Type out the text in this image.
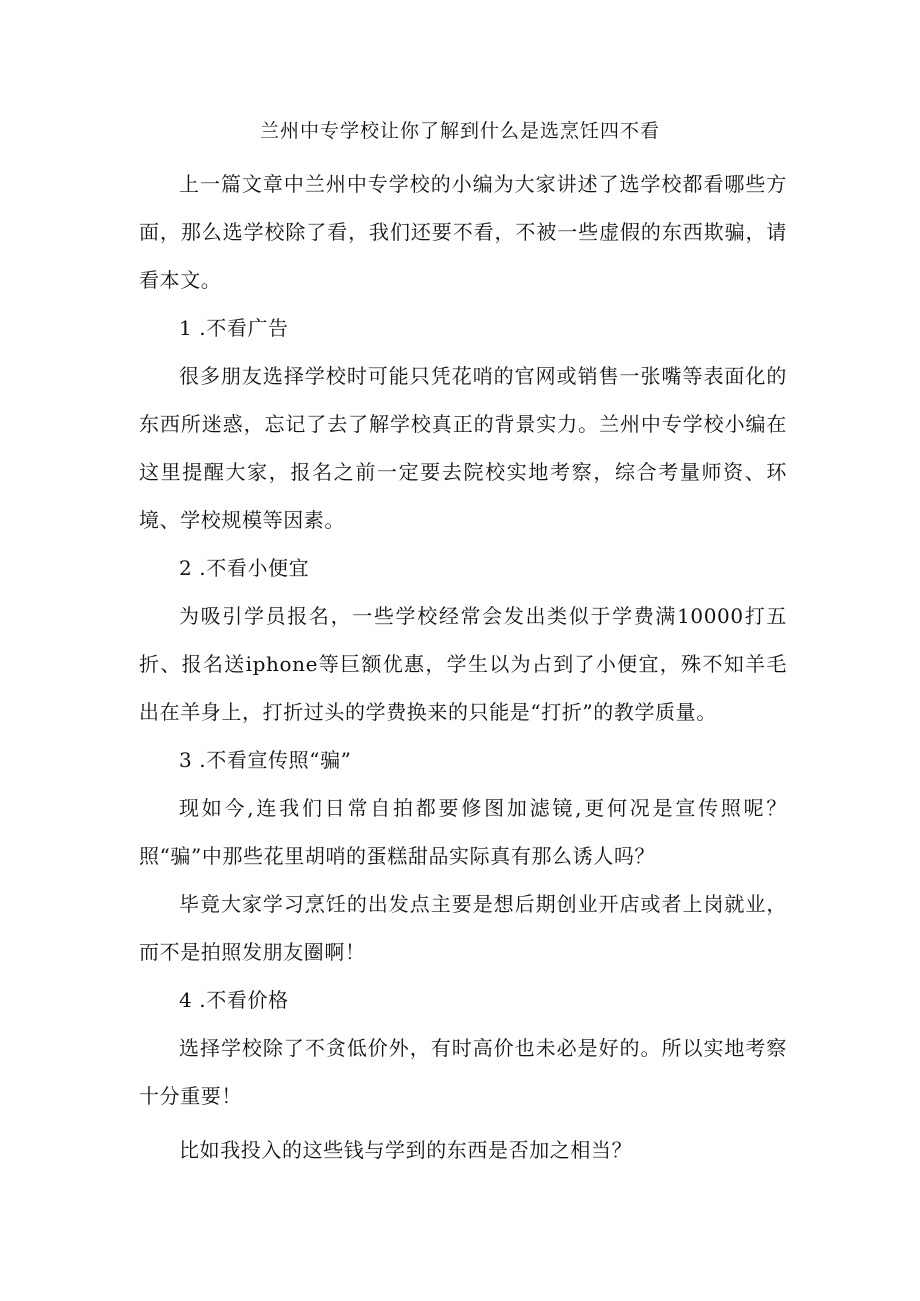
兰州中专学校让你了解到什么是选烹饪四不看

上一篇文章中兰州中专学校的小编为大家讲述了选学校都看哪些方面，那么选学校除了看，我们还要不看，不被一些虚假的东西欺骗，请看本文。

1 .不看广告

很多朋友选择学校时可能只凭花哨的官网或销售一张嘴等表面化的东西所迷惑，忘记了去了解学校真正的背景实力。兰州中专学校小编在这里提醒大家，报名之前一定要去院校实地考察，综合考量师资、环境、学校规模等因素。

2 .不看小便宜

为吸引学员报名，一些学校经常会发出类似于学费满10000打五折、报名送iphone等巨额优惠，学生以为占到了小便宜，殊不知羊毛出在羊身上，打折过头的学费换来的只能是“打折”的教学质量。

3 .不看宣传照“骗”

现如今,连我们日常自拍都要修图加滤镜,更何况是宣传照呢？照“骗”中那些花里胡哨的蛋糕甜品实际真有那么诱人吗？

毕竟大家学习烹饪的出发点主要是想后期创业开店或者上岗就业，而不是拍照发朋友圈啊！

4 .不看价格

选择学校除了不贪低价外，有时高价也未必是好的。所以实地考察十分重要！

比如我投入的这些钱与学到的东西是否加之相当？
